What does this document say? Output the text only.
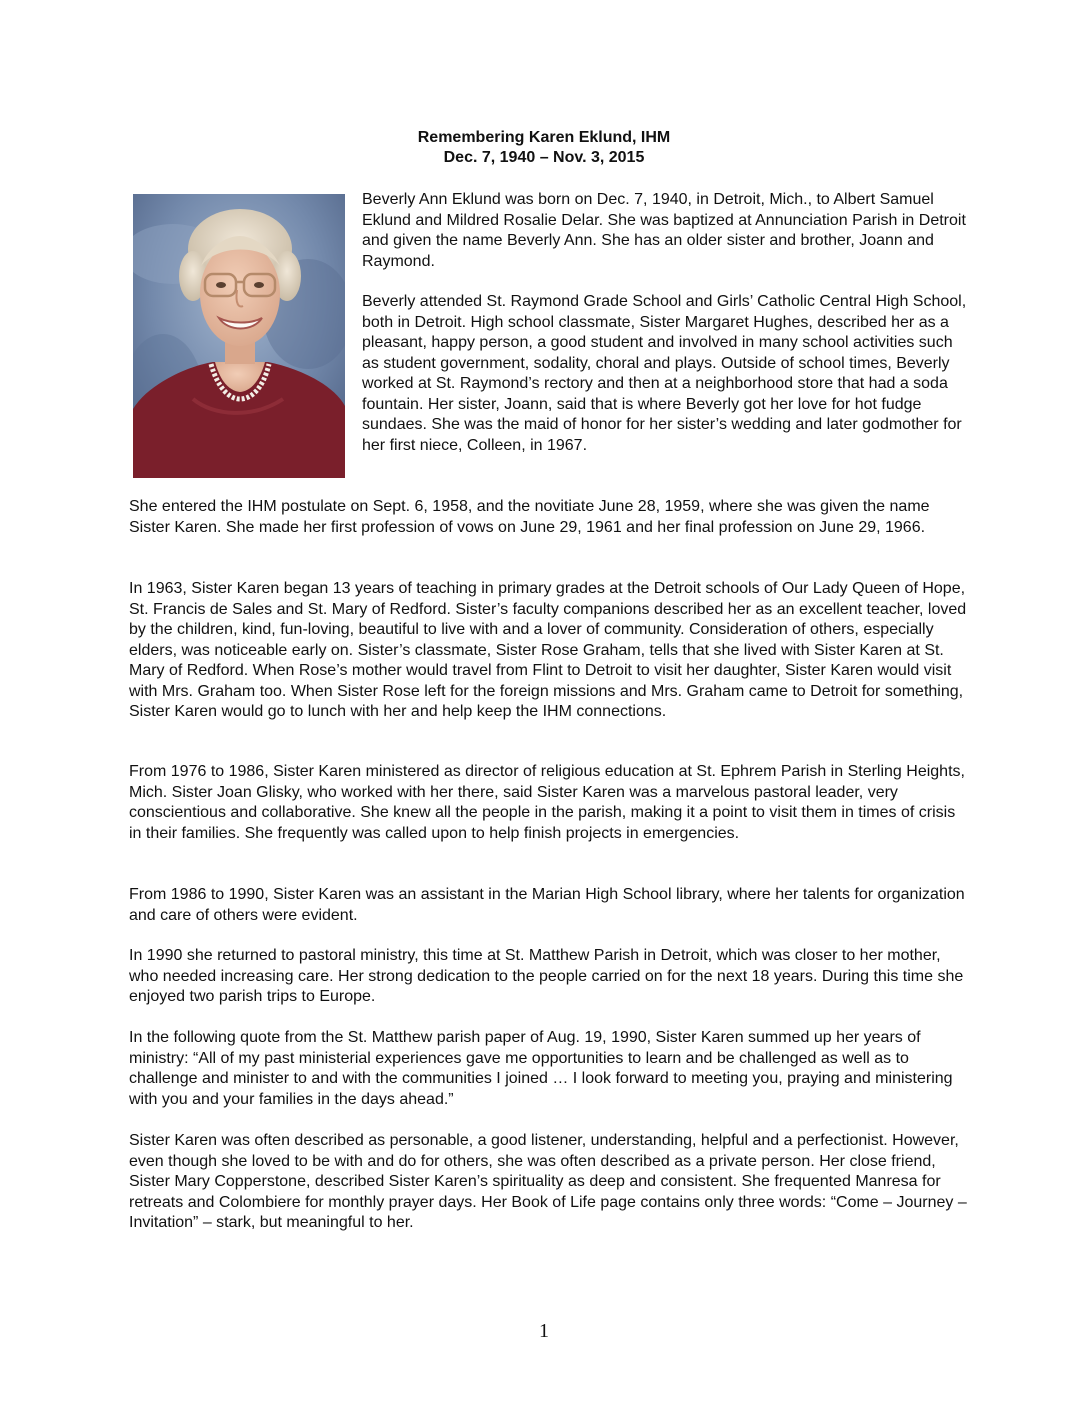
Remembering Karen Eklund, IHM
Dec. 7, 1940 – Nov. 3, 2015

Beverly Ann Eklund was born on Dec. 7, 1940, in Detroit, Mich., to Albert Samuel Eklund and Mildred Rosalie Delar. She was baptized at Annunciation Parish in Detroit and given the name Beverly Ann. She has an older sister and brother, Joann and Raymond.

Beverly attended St. Raymond Grade School and Girls’ Catholic Central High School, both in Detroit. High school classmate, Sister Margaret Hughes, described her as a pleasant, happy person, a good student and involved in many school activities such as student government, sodality, choral and plays. Outside of school times, Beverly worked at St. Raymond’s rectory and then at a neighborhood store that had a soda fountain. Her sister, Joann, said that is where Beverly got her love for hot fudge sundaes. She was the maid of honor for her sister’s wedding and later godmother for her first niece, Colleen, in 1967.

She entered the IHM postulate on Sept. 6, 1958, and the novitiate June 28, 1959, where she was given the name Sister Karen. She made her first profession of vows on June 29, 1961 and her final profession on June 29, 1966.

In 1963, Sister Karen began 13 years of teaching in primary grades at the Detroit schools of Our Lady Queen of Hope, St. Francis de Sales and St. Mary of Redford. Sister’s faculty companions described her as an excellent teacher, loved by the children, kind, fun-loving, beautiful to live with and a lover of community. Consideration of others, especially elders, was noticeable early on. Sister’s classmate, Sister Rose Graham, tells that she lived with Sister Karen at St. Mary of Redford. When Rose’s mother would travel from Flint to Detroit to visit her daughter, Sister Karen would visit with Mrs. Graham too. When Sister Rose left for the foreign missions and Mrs. Graham came to Detroit for something, Sister Karen would go to lunch with her and help keep the IHM connections.

From 1976 to 1986, Sister Karen ministered as director of religious education at St. Ephrem Parish in Sterling Heights, Mich. Sister Joan Glisky, who worked with her there, said Sister Karen was a marvelous pastoral leader, very conscientious and collaborative. She knew all the people in the parish, making it a point to visit them in times of crisis in their families. She frequently was called upon to help finish projects in emergencies.

From 1986 to 1990, Sister Karen was an assistant in the Marian High School library, where her talents for organization and care of others were evident.

In 1990 she returned to pastoral ministry, this time at St. Matthew Parish in Detroit, which was closer to her mother, who needed increasing care. Her strong dedication to the people carried on for the next 18 years. During this time she enjoyed two parish trips to Europe.

In the following quote from the St. Matthew parish paper of Aug. 19, 1990, Sister Karen summed up her years of ministry: “All of my past ministerial experiences gave me opportunities to learn and be challenged as well as to challenge and minister to and with the communities I joined … I look forward to meeting you, praying and ministering with you and your families in the days ahead.”

Sister Karen was often described as personable, a good listener, understanding, helpful and a perfectionist. However, even though she loved to be with and do for others, she was often described as a private person. Her close friend, Sister Mary Copperstone, described Sister Karen’s spirituality as deep and consistent. She frequented Manresa for retreats and Colombiere for monthly prayer days. Her Book of Life page contains only three words: “Come – Journey – Invitation” – stark, but meaningful to her.

1
